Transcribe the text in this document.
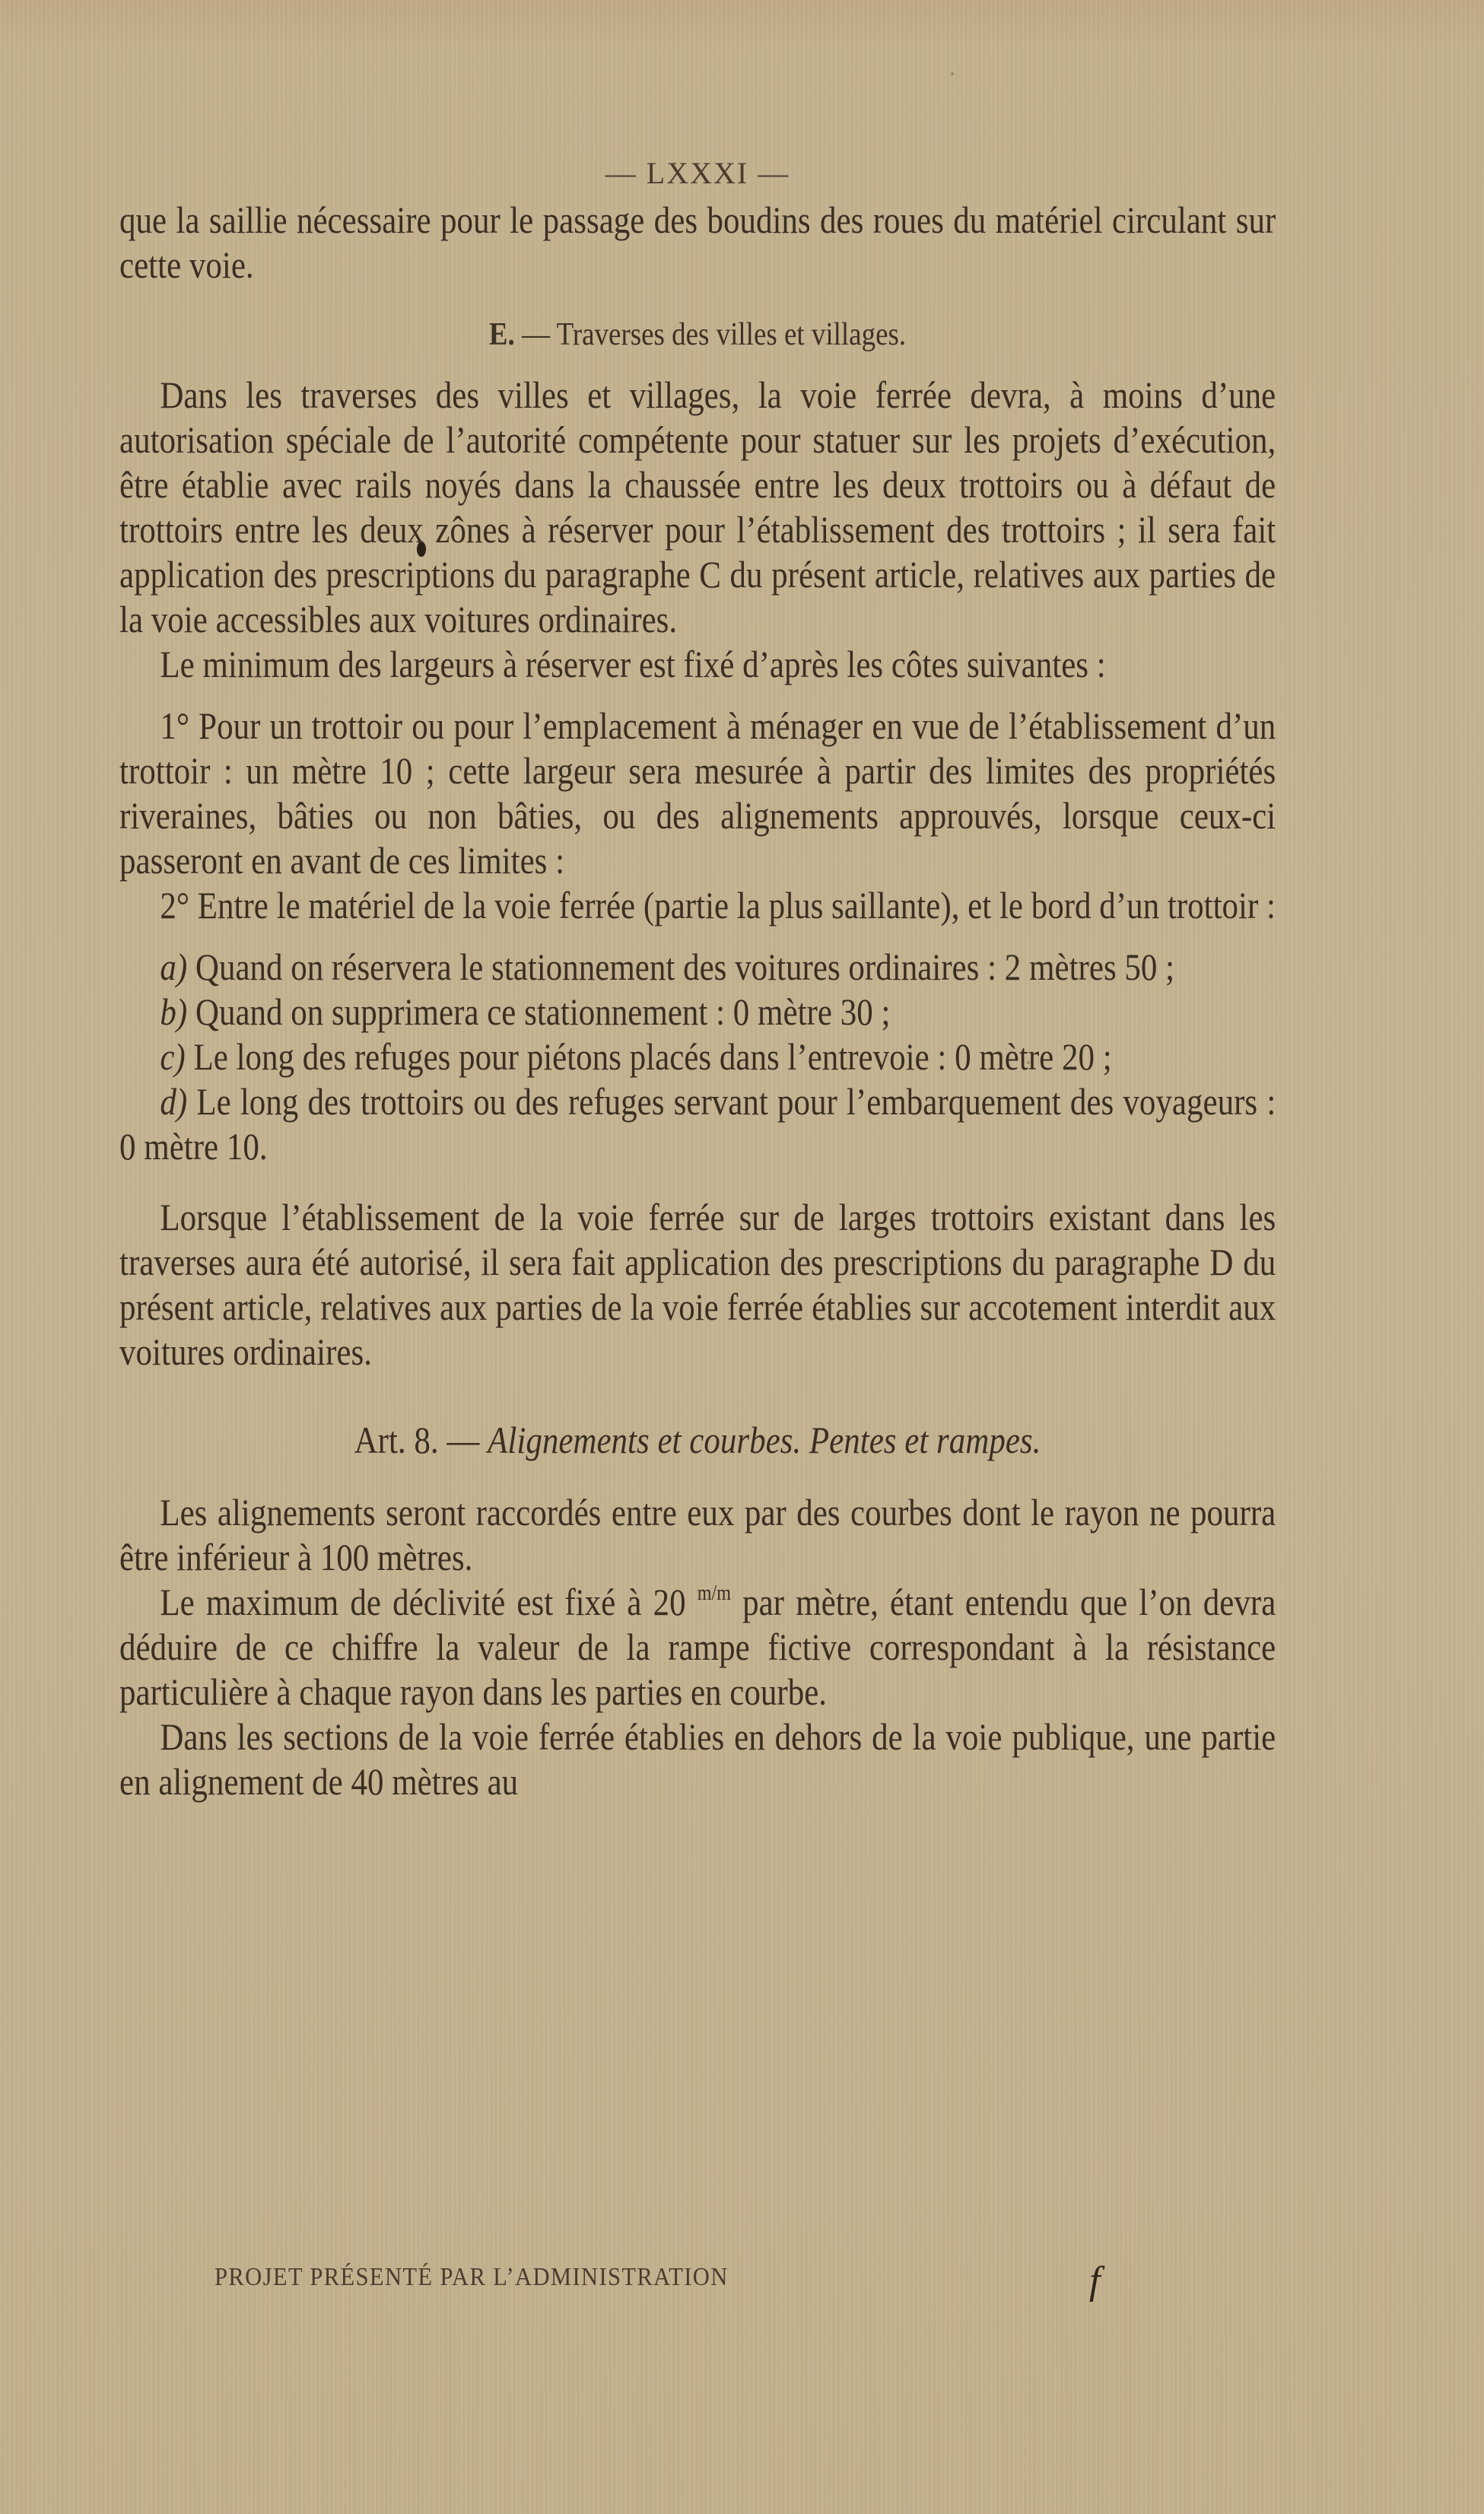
— LXXXI —

que la saillie nécessaire pour le passage des boudins des roues du matériel circulant sur cette voie.

E. — Traverses des villes et villages.

Dans les traverses des villes et villages, la voie ferrée devra, à moins d’une autorisation spéciale de l’autorité compétente pour statuer sur les projets d’exécution, être établie avec rails noyés dans la chaussée entre les deux trottoirs ou à défaut de trottoirs entre les deux zônes à réserver pour l’établissement des trottoirs ; il sera fait application des prescriptions du paragraphe C du présent article, relatives aux parties de la voie accessibles aux voitures ordinaires.

Le minimum des largeurs à réserver est fixé d’après les côtes suivantes :

1° Pour un trottoir ou pour l’emplacement à ménager en vue de l’établissement d’un trottoir : un mètre 10 ; cette largeur sera mesurée à partir des limites des propriétés riveraines, bâties ou non bâties, ou des alignements approuvés, lorsque ceux-ci passeront en avant de ces limites :

2° Entre le matériel de la voie ferrée (partie la plus saillante), et le bord d’un trottoir :

a) Quand on réservera le stationnement des voitures ordinaires : 2 mètres 50 ;

b) Quand on supprimera ce stationnement : 0 mètre 30 ;

c) Le long des refuges pour piétons placés dans l’entrevoie : 0 mètre 20 ;

d) Le long des trottoirs ou des refuges servant pour l’embarquement des voyageurs : 0 mètre 10.

Lorsque l’établissement de la voie ferrée sur de larges trottoirs existant dans les traverses aura été autorisé, il sera fait application des prescriptions du paragraphe D du présent article, relatives aux parties de la voie ferrée établies sur accotement interdit aux voitures ordinaires.

Art. 8. — Alignements et courbes. Pentes et rampes.

Les alignements seront raccordés entre eux par des courbes dont le rayon ne pourra être inférieur à 100 mètres.

Le maximum de déclivité est fixé à 20 $^{m/m}$ par mètre, étant entendu que l’on devra déduire de ce chiffre la valeur de la rampe fictive correspondant à la résistance particulière à chaque rayon dans les parties en courbe.

Dans les sections de la voie ferrée établies en dehors de la voie publique, une partie en alignement de 40 mètres au

PROJET PRÉSENTÉ PAR L’ADMINISTRATION	f
